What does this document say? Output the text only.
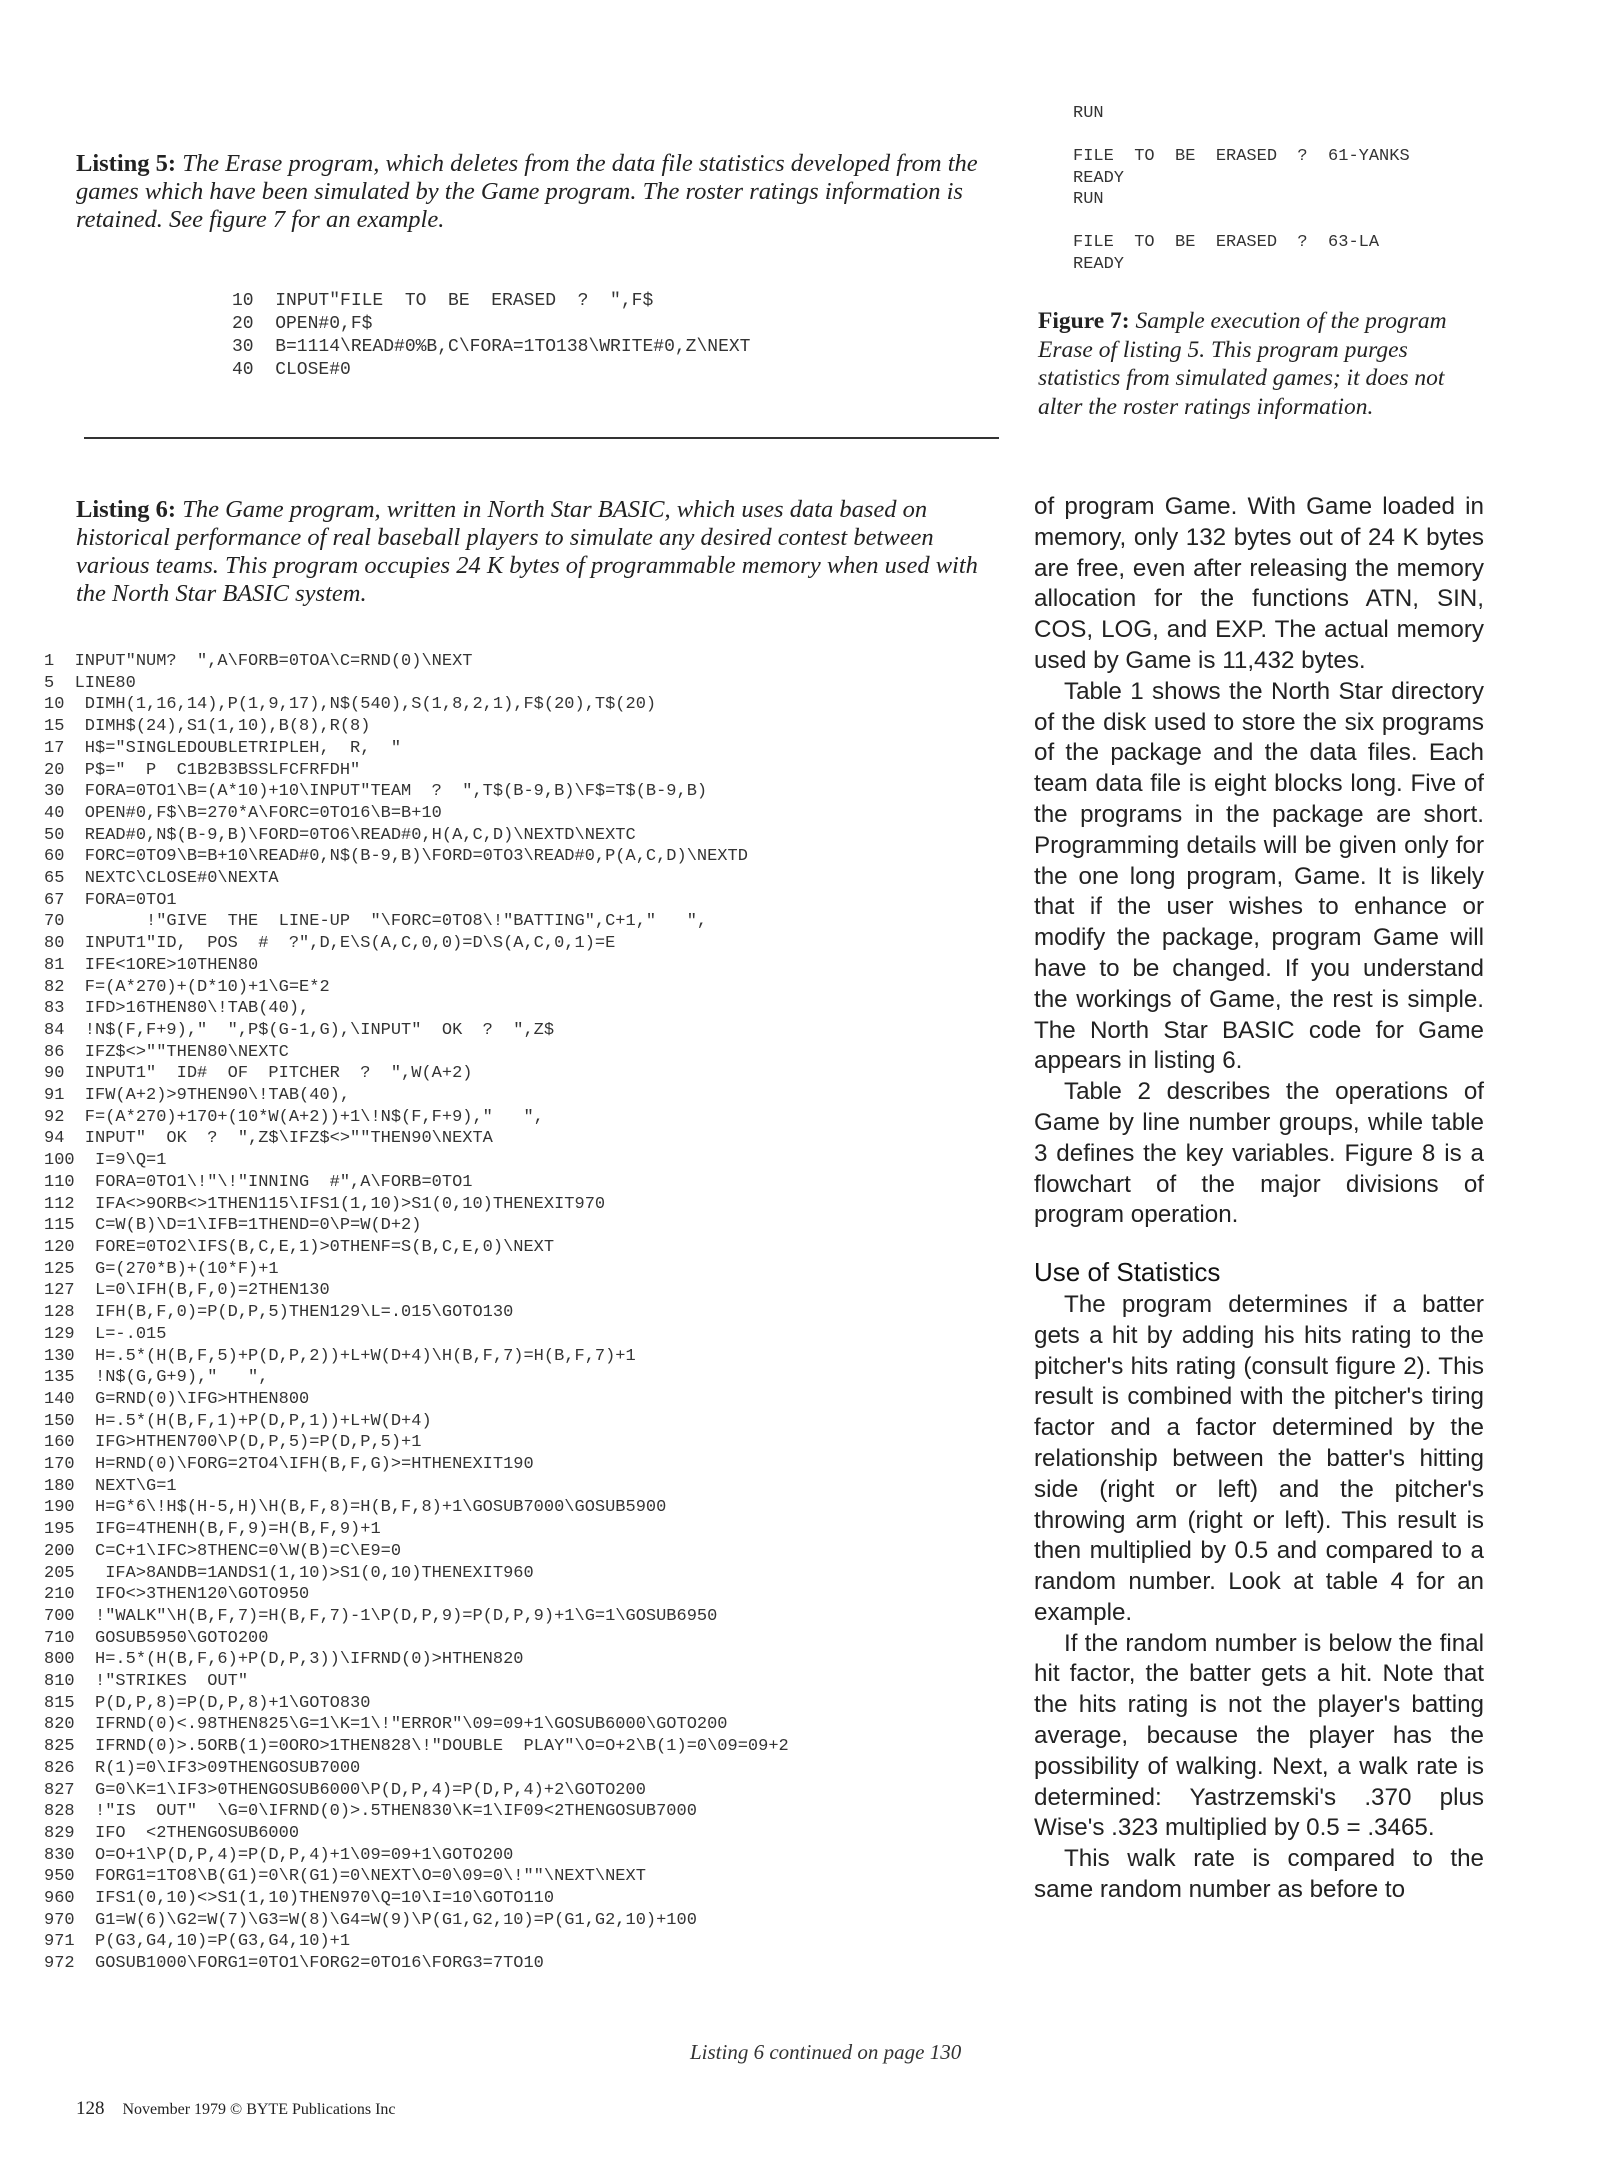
Listing 5: The Erase program, which deletes from the data file statistics developed from the games which have been simulated by the Game program. The roster ratings information is retained. See figure 7 for an example.
10  INPUT"FILE  TO  BE  ERASED  ?  ",F$
20  OPEN#0,F$
30  B=1114\READ#0%B,C\FORA=1TO138\WRITE#0,Z\NEXT
40  CLOSE#0
RUN

FILE  TO  BE  ERASED  ?  61-YANKS
READY
RUN

FILE  TO  BE  ERASED  ?  63-LA
READY
Figure 7: Sample execution of the program Erase of listing 5. This program purges statistics from simulated games; it does not alter the roster ratings information.
Listing 6: The Game program, written in North Star BASIC, which uses data based on historical performance of real baseball players to simulate any desired contest between various teams. This program occupies 24 K bytes of programmable memory when used with the North Star BASIC system.
1  INPUT"NUM?  ",A\FORB=0TOA\C=RND(0)\NEXT
5  LINE80
10  DIMH(1,16,14),P(1,9,17),N$(540),S(1,8,2,1),F$(20),T$(20)
15  DIMH$(24),S1(1,10),B(8),R(8)
17  H$="SINGLEDOUBLETRIPLEH,  R,  "
20  P$="  P  C1B2B3BSSLFCFRFDH"
30  FORA=0TO1\B=(A*10)+10\INPUT"TEAM  ?  ",T$(B-9,B)\F$=T$(B-9,B)
40  OPEN#0,F$\B=270*A\FORC=0TO16\B=B+10
50  READ#0,N$(B-9,B)\FORD=0TO6\READ#0,H(A,C,D)\NEXTD\NEXTC
60  FORC=0TO9\B=B+10\READ#0,N$(B-9,B)\FORD=0TO3\READ#0,P(A,C,D)\NEXTD
65  NEXTC\CLOSE#0\NEXTA
67  FORA=0TO1
70        !"GIVE  THE  LINE-UP  "\FORC=0TO8\!"BATTING",C+1,"   ",
80  INPUT1"ID,  POS  #  ?",D,E\S(A,C,0,0)=D\S(A,C,0,1)=E
81  IFE<1ORE>10THEN80
82  F=(A*270)+(D*10)+1\G=E*2
83  IFD>16THEN80\!TAB(40),
84  !N$(F,F+9),"  ",P$(G-1,G),\INPUT"  OK  ?  ",Z$
86  IFZ$<>""THEN80\NEXTC
90  INPUT1"  ID#  OF  PITCHER  ?  ",W(A+2)
91  IFW(A+2)>9THEN90\!TAB(40),
92  F=(A*270)+170+(10*W(A+2))+1\!N$(F,F+9),"   ",
94  INPUT"  OK  ?  ",Z$\IFZ$<>""THEN90\NEXTA
100  I=9\Q=1
110  FORA=0TO1\!"\!"INNING  #",A\FORB=0TO1
112  IFA<>9ORB<>1THEN115\IFS1(1,10)>S1(0,10)THENEXIT970
115  C=W(B)\D=1\IFB=1THEND=0\P=W(D+2)
120  FORE=0TO2\IFS(B,C,E,1)>0THENF=S(B,C,E,0)\NEXT
125  G=(270*B)+(10*F)+1
127  L=0\IFH(B,F,0)=2THEN130
128  IFH(B,F,0)=P(D,P,5)THEN129\L=.015\GOTO130
129  L=-.015
130  H=.5*(H(B,F,5)+P(D,P,2))+L+W(D+4)\H(B,F,7)=H(B,F,7)+1
135  !N$(G,G+9),"   ",
140  G=RND(0)\IFG>HTHEN800
150  H=.5*(H(B,F,1)+P(D,P,1))+L+W(D+4)
160  IFG>HTHEN700\P(D,P,5)=P(D,P,5)+1
170  H=RND(0)\FORG=2TO4\IFH(B,F,G)>=HTHENEXIT190
180  NEXT\G=1
190  H=G*6\!H$(H-5,H)\H(B,F,8)=H(B,F,8)+1\GOSUB7000\GOSUB5900
195  IFG=4THENH(B,F,9)=H(B,F,9)+1
200  C=C+1\IFC>8THENC=0\W(B)=C\E9=0
205   IFA>8ANDB=1ANDS1(1,10)>S1(0,10)THENEXIT960
210  IFO<>3THEN120\GOTO950
700  !"WALK"\H(B,F,7)=H(B,F,7)-1\P(D,P,9)=P(D,P,9)+1\G=1\GOSUB6950
710  GOSUB5950\GOTO200
800  H=.5*(H(B,F,6)+P(D,P,3))\IFRND(0)>HTHEN820
810  !"STRIKES  OUT"
815  P(D,P,8)=P(D,P,8)+1\GOTO830
820  IFRND(0)<.98THEN825\G=1\K=1\!"ERROR"\09=09+1\GOSUB6000\GOTO200
825  IFRND(0)>.5ORB(1)=0ORO>1THEN828\!"DOUBLE  PLAY"\O=O+2\B(1)=0\09=09+2
826  R(1)=0\IF3>09THENGOSUB7000
827  G=0\K=1\IF3>0THENGOSUB6000\P(D,P,4)=P(D,P,4)+2\GOTO200
828  !"IS  OUT"  \G=0\IFRND(0)>.5THEN830\K=1\IF09<2THENGOSUB7000
829  IFO  <2THENGOSUB6000
830  O=O+1\P(D,P,4)=P(D,P,4)+1\09=09+1\GOTO200
950  FORG1=1TO8\B(G1)=0\R(G1)=0\NEXT\O=0\09=0\!""\NEXT\NEXT
960  IFS1(0,10)<>S1(1,10)THEN970\Q=10\I=10\GOTO110
970  G1=W(6)\G2=W(7)\G3=W(8)\G4=W(9)\P(G1,G2,10)=P(G1,G2,10)+100
971  P(G3,G4,10)=P(G3,G4,10)+1
972  GOSUB1000\FORG1=0TO1\FORG2=0TO16\FORG3=7TO10
Listing 6 continued on page 130

of program Game. With Game loaded in memory, only 132 bytes out of 24 K bytes are free, even after releasing the memory allocation for the functions ATN, SIN, COS, LOG, and EXP. The actual memory used by Game is 11,432 bytes.

Table 1 shows the North Star directory of the disk used to store the six programs of the package and the data files. Each team data file is eight blocks long. Five of the programs in the package are short. Programming details will be given only for the one long program, Game. It is likely that if the user wishes to enhance or modify the package, program Game will have to be changed. If you understand the workings of Game, the rest is simple. The North Star BASIC code for Game appears in listing 6.

Table 2 describes the operations of Game by line number groups, while table 3 defines the key variables. Figure 8 is a flowchart of the major divisions of program operation.

Use of Statistics

The program determines if a batter gets a hit by adding his hits rating to the pitcher's hits rating (consult figure 2). This result is combined with the pitcher's tiring factor and a factor determined by the relationship between the batter's hitting side (right or left) and the pitcher's throwing arm (right or left). This result is then multiplied by 0.5 and compared to a random number. Look at table 4 for an example.

If the random number is below the final hit factor, the batter gets a hit. Note that the hits rating is not the player's batting average, because the player has the possibility of walking. Next, a walk rate is determined: Yastrzemski's .370 plus Wise's .323 multiplied by 0.5 = .3465.

This walk rate is compared to the same random number as before to

128 November 1979 © BYTE Publications Inc
